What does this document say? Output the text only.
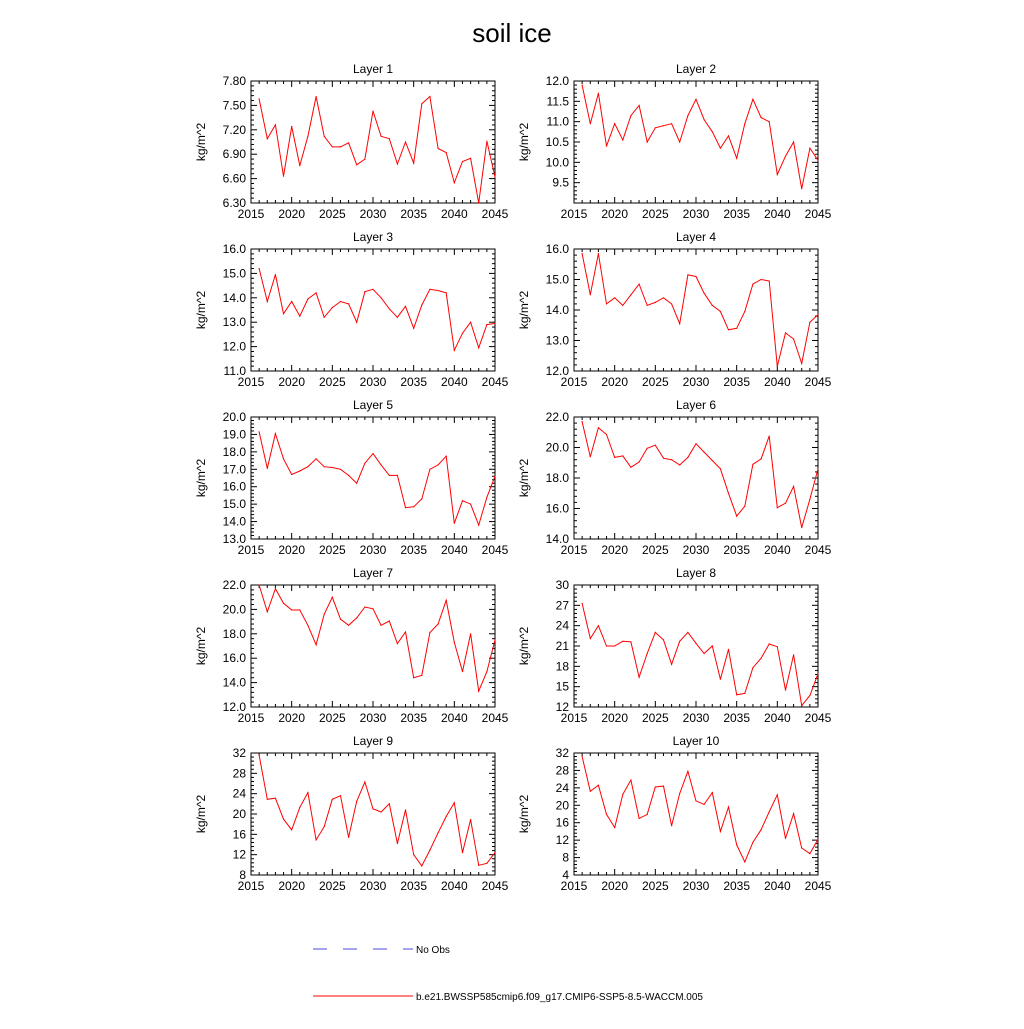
soil ice
Layer 1
6.30
6.60
6.90
7.20
7.50
7.80
2015 2020 2025 2030 2035 2040 2045
kg/m^2
Layer 2
9.5
10.0
10.5
11.0
11.5
12.0
2015 2020 2025 2030 2035 2040 2045
kg/m^2
Layer 3
11.0
12.0
13.0
14.0
15.0
16.0
2015 2020 2025 2030 2035 2040 2045
kg/m^2
Layer 4
12.0
13.0
14.0
15.0
16.0
2015 2020 2025 2030 2035 2040 2045
kg/m^2
Layer 5
13.0
14.0
15.0
16.0
17.0
18.0
19.0
20.0
2015 2020 2025 2030 2035 2040 2045
kg/m^2
Layer 6
14.0
16.0
18.0
20.0
22.0
2015 2020 2025 2030 2035 2040 2045
kg/m^2
Layer 7
12.0
14.0
16.0
18.0
20.0
22.0
2015 2020 2025 2030 2035 2040 2045
kg/m^2
Layer 8
12
15
18
21
24
27
30
2015 2020 2025 2030 2035 2040 2045
kg/m^2
Layer 9
8
12
16
20
24
28
32
2015 2020 2025 2030 2035 2040 2045
kg/m^2
Layer 10
4
8
12
16
20
24
28
32
2015 2020 2025 2030 2035 2040 2045
kg/m^2
No Obs
b.e21.BWSSP585cmip6.f09_g17.CMIP6-SSP5-8.5-WACCM.005
